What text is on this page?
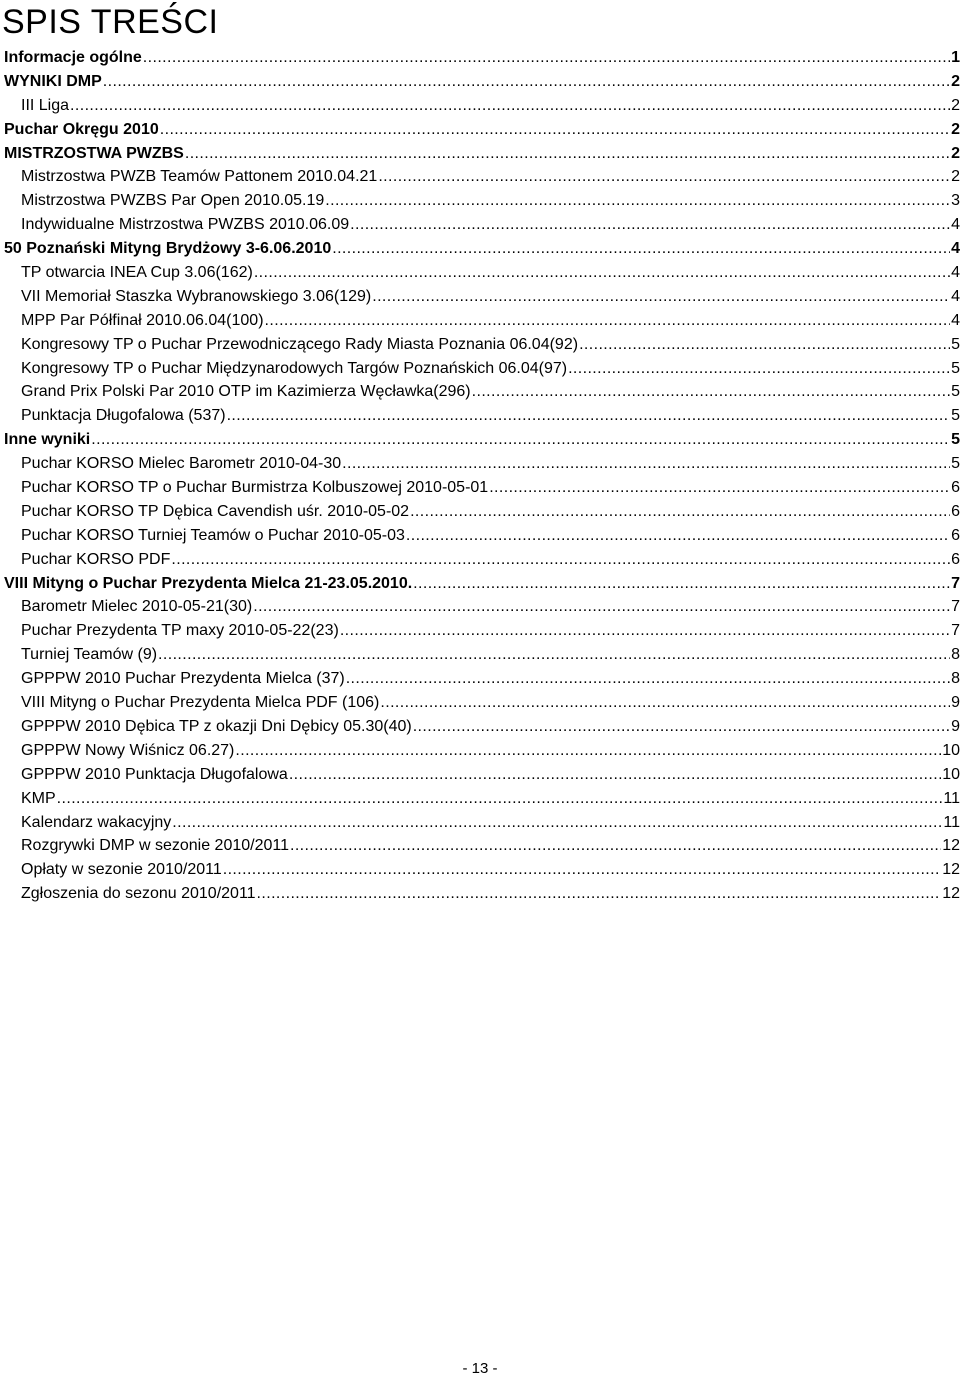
SPIS TREŚCI
Informacje ogólne .....	1
WYNIKI DMP .....	2
III Liga .....	2
Puchar Okręgu 2010 .....	2
MISTRZOSTWA PWZBS .....	2
Mistrzostwa PWZB Teamów Pattonem 2010.04.21 .....	2
Mistrzostwa PWZBS Par Open 2010.05.19 .....	3
Indywidualne Mistrzostwa PWZBS 2010.06.09 .....	4
50 Poznański Mityng Brydżowy 3-6.06.2010 .....	4
TP otwarcia INEA Cup 3.06(162) .....	4
VII Memoriał Staszka Wybranowskiego 3.06(129) .....	4
MPP Par Półfinał 2010.06.04(100) .....	4
Kongresowy TP o Puchar Przewodniczącego Rady Miasta Poznania 06.04(92) .....	5
Kongresowy TP o Puchar Międzynarodowych Targów Poznańskich 06.04(97) .....	5
Grand Prix Polski Par 2010 OTP im Kazimierza Węcławka(296) .....	5
Punktacja Długofalowa (537) .....	5
Inne wyniki .....	5
Puchar KORSO Mielec Barometr 2010-04-30 .....	5
Puchar KORSO TP o Puchar Burmistrza Kolbuszowej 2010-05-01 .....	6
Puchar KORSO TP Dębica Cavendish uśr. 2010-05-02 .....	6
Puchar KORSO Turniej Teamów o Puchar 2010-05-03 .....	6
Puchar KORSO PDF .....	6
VIII Mityng o Puchar Prezydenta Mielca 21-23.05.2010. .....	7
Barometr Mielec 2010-05-21(30) .....	7
Puchar Prezydenta TP maxy 2010-05-22(23) .....	7
Turniej Teamów (9) .....	8
GPPPW 2010 Puchar Prezydenta Mielca (37) .....	8
VIII Mityng o Puchar Prezydenta Mielca PDF (106) .....	9
GPPPW 2010 Dębica TP z okazji Dni Dębicy 05.30(40) .....	9
GPPPW Nowy Wiśnicz 06.27) .....	10
GPPPW 2010 Punktacja Długofalowa .....	10
KMP .....	11
Kalendarz wakacyjny .....	11
Rozgrywki DMP w sezonie 2010/2011 .....	12
Opłaty w sezonie 2010/2011 .....	12
Zgłoszenia do sezonu 2010/2011 .....	12
- 13 -
